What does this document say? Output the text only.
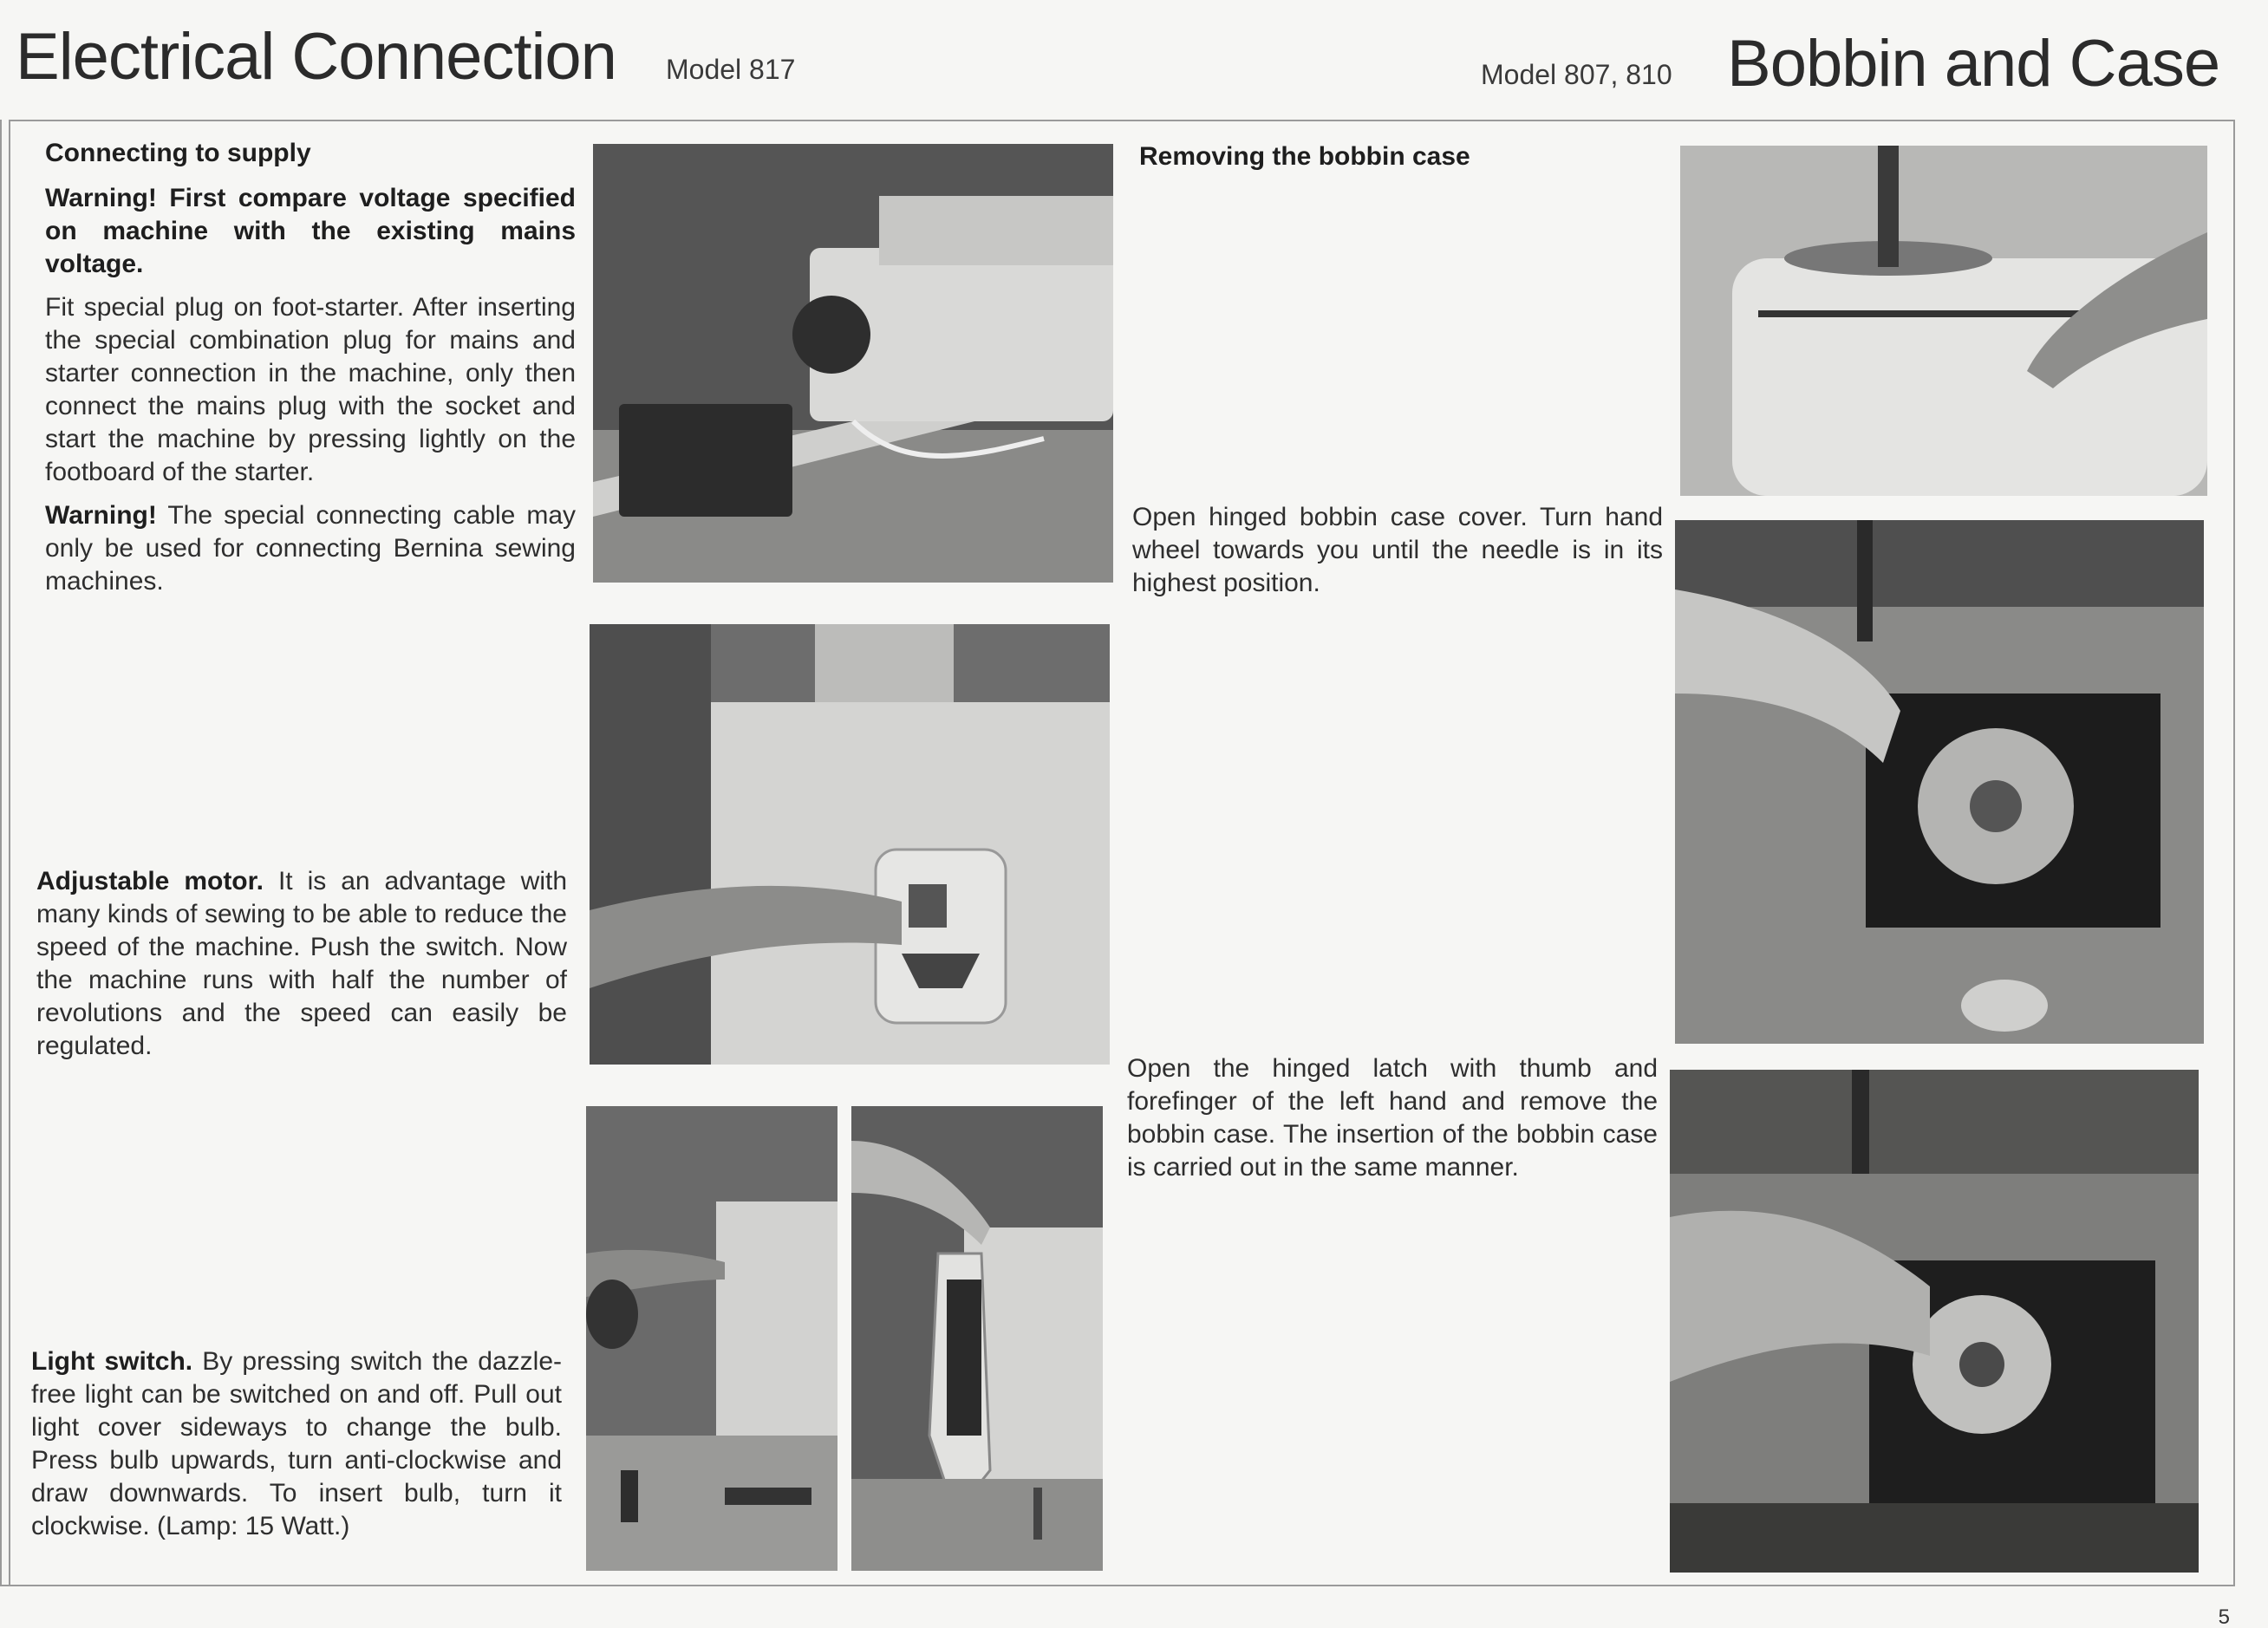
Electrical Connection Model 817	Model 807, 810 Bobbin and Case
Connecting to supply
Warning! First compare voltage specified on machine with the existing mains voltage.
Fit special plug on foot-starter. After inserting the special combination plug for mains and starter connection in the machine, only then connect the mains plug with the socket and start the machine by pressing lightly on the footboard of the starter.
Warning! The special connecting cable may only be used for connecting Bernina sewing machines.
Adjustable motor. It is an advantage with many kinds of sewing to be able to reduce the speed of the machine. Push the switch. Now the machine runs with half the number of revolutions and the speed can easily be regulated.
Light switch. By pressing switch the dazzle-free light can be switched on and off. Pull out light cover sideways to change the bulb. Press bulb upwards, turn anti-clockwise and draw downwards. To insert bulb, turn it clockwise. (Lamp: 15 Watt.)
Removing the bobbin case
Open hinged bobbin case cover. Turn hand wheel towards you until the needle is in its highest position.
Open the hinged latch with thumb and forefinger of the left hand and remove the bobbin case. The insertion of the bobbin case is carried out in the same manner.
5
